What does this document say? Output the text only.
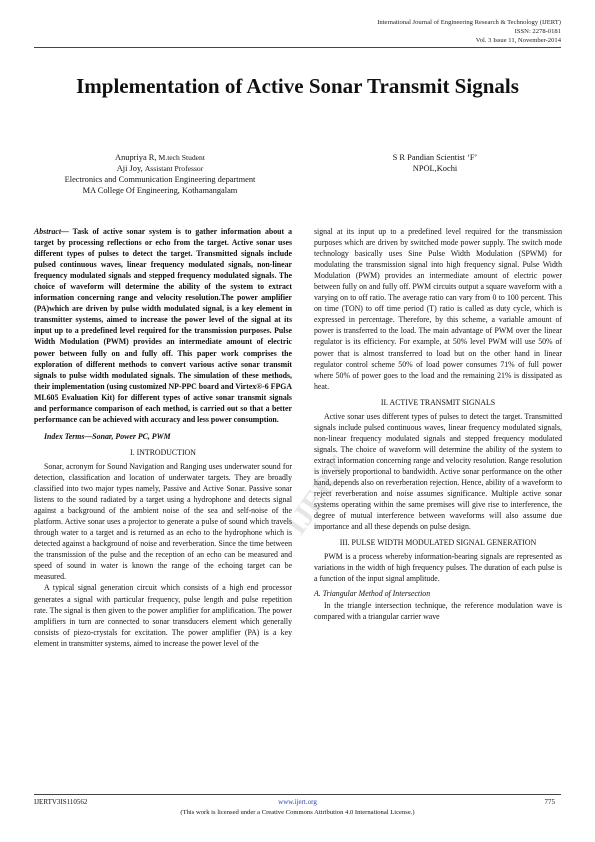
International Journal of Engineering Research & Technology (IJERT)
ISSN: 2278-0181
Vol. 3 Issue 11, November-2014
Implementation of Active Sonar Transmit Signals
Anupriya R, M.tech Student
Aji Joy, Assistant Professor
Electronics and Communication Engineering department
MA College Of Engineering, Kothamangalam
S R Pandian Scientist ‘F’
NPOL,Kochi

Abstract— Task of active sonar system is to gather information about a target by processing reflections or echo from the target. Active sonar uses different types of pulses to detect the target. Transmitted signals include pulsed continuous waves, linear frequency modulated signals, non-linear frequency modulated signals and stepped frequency modulated signals. The choice of waveform will determine the ability of the system to extract information concerning range and velocity resolution.The power amplifier (PA)which are driven by pulse width modulated signal, is a key element in transmitter systems, aimed to increase the power level of the signal at its input up to a predefined level required for the transmission purposes. Pulse Width Modulation (PWM) provides an intermediate amount of electric power between fully on and fully off. This paper work comprises the exploration of different methods to convert various active sonar transmit signals to pulse width modulated signals. The simulation of these methods, their implementation (using customized NP-PPC board and Virtex®-6 FPGA ML605 Evaluation Kit) for different types of active sonar transmit signals and performance comparison of each method, is carried out so that a better performance can be achieved with accuracy and less power consumption.

Index Terms—Sonar, Power PC, PWM

I. INTRODUCTION

Sonar, acronym for Sound Navigation and Ranging uses underwater sound for detection, classification and location of underwater targets. They are broadly classified into two major types namely, Passive and Active Sonar. Passive sonar listens to the sound radiated by a target using a hydrophone and detects signal against a background of the ambient noise of the sea and self-noise of the platform. Active sonar uses a projector to generate a pulse of sound which travels through water to a target and is returned as an echo to the hydrophone which is detected against a background of noise and reverberation. Since the time between the transmission of the pulse and the reception of an echo can be measured and speed of sound in water is known the range of the echoing target can be measured.

A typical signal generation circuit which consists of a high end processor generates a signal with particular frequency, pulse length and pulse repetition rate. The signal is then given to the power amplifier for amplification. The power amplifiers in turn are connected to sonar transducers element which generally consists of piezo-crystals for excitation. The power amplifier (PA) is a key element in transmitter systems, aimed to increase the power level of the

signal at its input up to a predefined level required for the transmission purposes which are driven by switched mode power supply. The switch mode technology basically uses Sine Pulse Width Modulation (SPWM) for modulating the transmission signal into high frequency signal. Pulse Width Modulation (PWM) provides an intermediate amount of electric power between fully on and fully off. PWM circuits output a square waveform with a varying on to off ratio. The average ratio can vary from 0 to 100 percent. This on time (TON) to off time period (T) ratio is called as duty cycle, which is expressed in percentage. Therefore, by this scheme, a variable amount of power is transferred to the load. The main advantage of PWM over the linear regulator is its efficiency. For example, at 50% level PWM will use 50% of power that is almost transferred to load but on the other hand in linear regulator control scheme 50% of load power consumes 71% of full power where 50% of power goes to the load and the remaining 21% is dissipated as heat.

II. ACTIVE TRANSMIT SIGNALS

Active sonar uses different types of pulses to detect the target. Transmitted signals include pulsed continuous waves, linear frequency modulated signals, non-linear frequency modulated signals and stepped frequency modulated signals. The choice of waveform will determine the ability of the system to extract information concerning range and velocity resolution. Range resolution is inversely proportional to bandwidth. Active sonar performance on the other hand, depends also on reverberation rejection. Hence, ability of a waveform to reject reverberation and noise assumes significance. Multiple active sonar systems operating within the same premises will give rise to interference, the degree of mutual interference between waveforms will also assume due importance and all these depends on pulse design.

III. PULSE WIDTH MODULATED SIGNAL GENERATION

PWM is a process whereby information-bearing signals are represented as variations in the width of high frequency pulses. The duration of each pulse is a function of the input signal amplitude.

A. Triangular Method of Intersection

In the triangle intersection technique, the reference modulation wave is compared with a triangular carrier wave

IJERT
IJERTV3IS110562	www.ijert.org	775
(This work is licensed under a Creative Commons Attribution 4.0 International License.)
